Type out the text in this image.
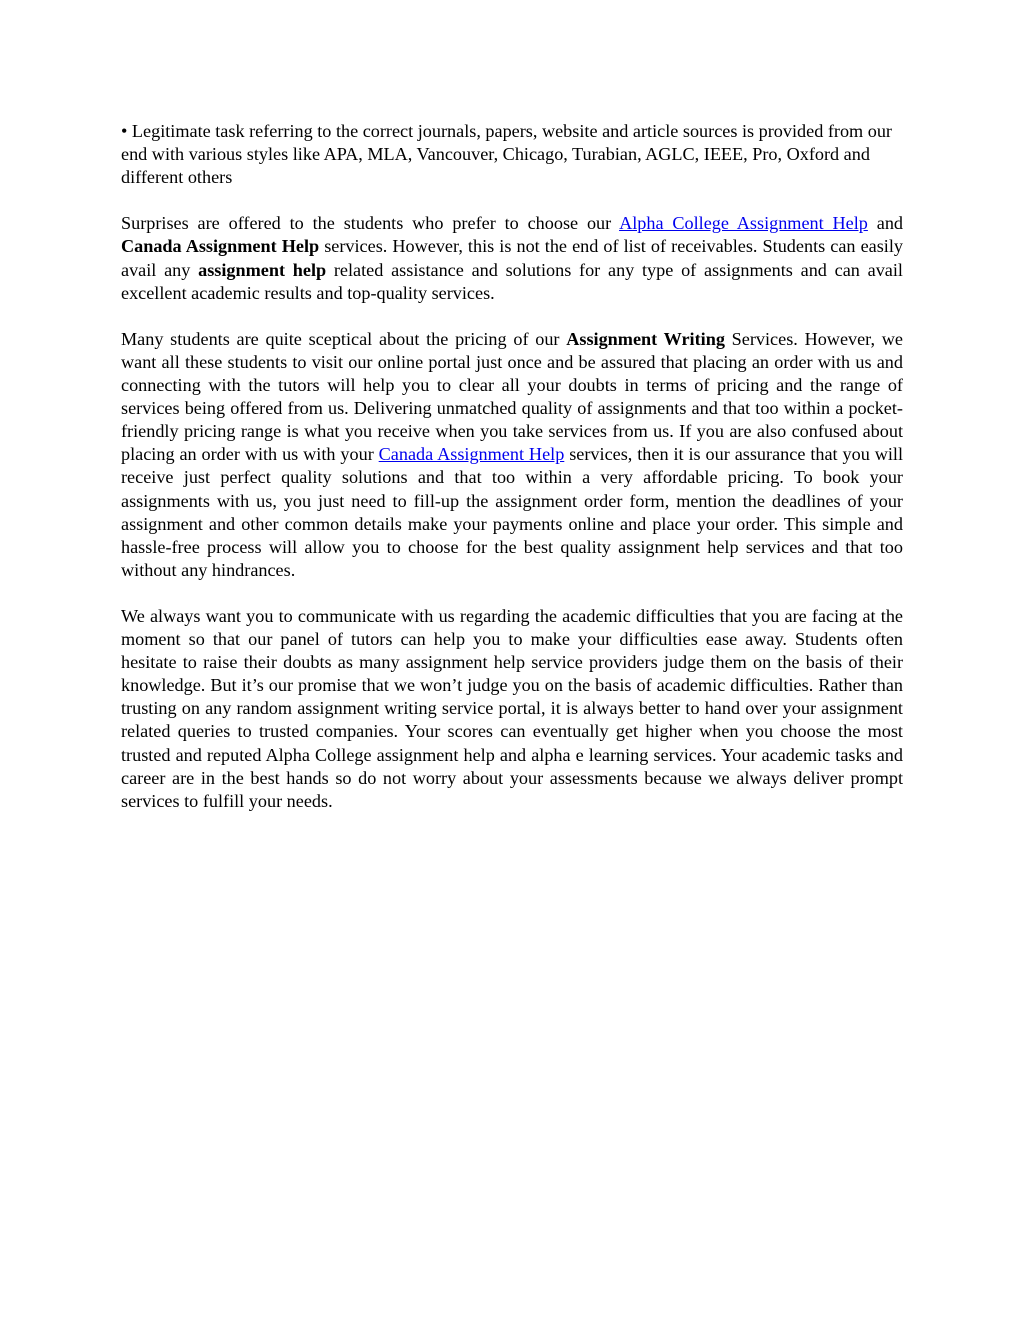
• Legitimate task referring to the correct journals, papers, website and article sources is provided from our end with various styles like APA, MLA, Vancouver, Chicago, Turabian, AGLC, IEEE, Pro, Oxford and different others

Surprises are offered to the students who prefer to choose our Alpha College Assignment Help and Canada Assignment Help services. However, this is not the end of list of receivables. Students can easily avail any assignment help related assistance and solutions for any type of assignments and can avail excellent academic results and top-quality services.

Many students are quite sceptical about the pricing of our Assignment Writing Services. However, we want all these students to visit our online portal just once and be assured that placing an order with us and connecting with the tutors will help you to clear all your doubts in terms of pricing and the range of services being offered from us. Delivering unmatched quality of assignments and that too within a pocket-friendly pricing range is what you receive when you take services from us. If you are also confused about placing an order with us with your Canada Assignment Help services, then it is our assurance that you will receive just perfect quality solutions and that too within a very affordable pricing. To book your assignments with us, you just need to fill-up the assignment order form, mention the deadlines of your assignment and other common details make your payments online and place your order. This simple and hassle-free process will allow you to choose for the best quality assignment help services and that too without any hindrances.

We always want you to communicate with us regarding the academic difficulties that you are facing at the moment so that our panel of tutors can help you to make your difficulties ease away. Students often hesitate to raise their doubts as many assignment help service providers judge them on the basis of their knowledge. But it’s our promise that we won’t judge you on the basis of academic difficulties. Rather than trusting on any random assignment writing service portal, it is always better to hand over your assignment related queries to trusted companies. Your scores can eventually get higher when you choose the most trusted and reputed Alpha College assignment help and alpha e learning services. Your academic tasks and career are in the best hands so do not worry about your assessments because we always deliver prompt services to fulfill your needs.
